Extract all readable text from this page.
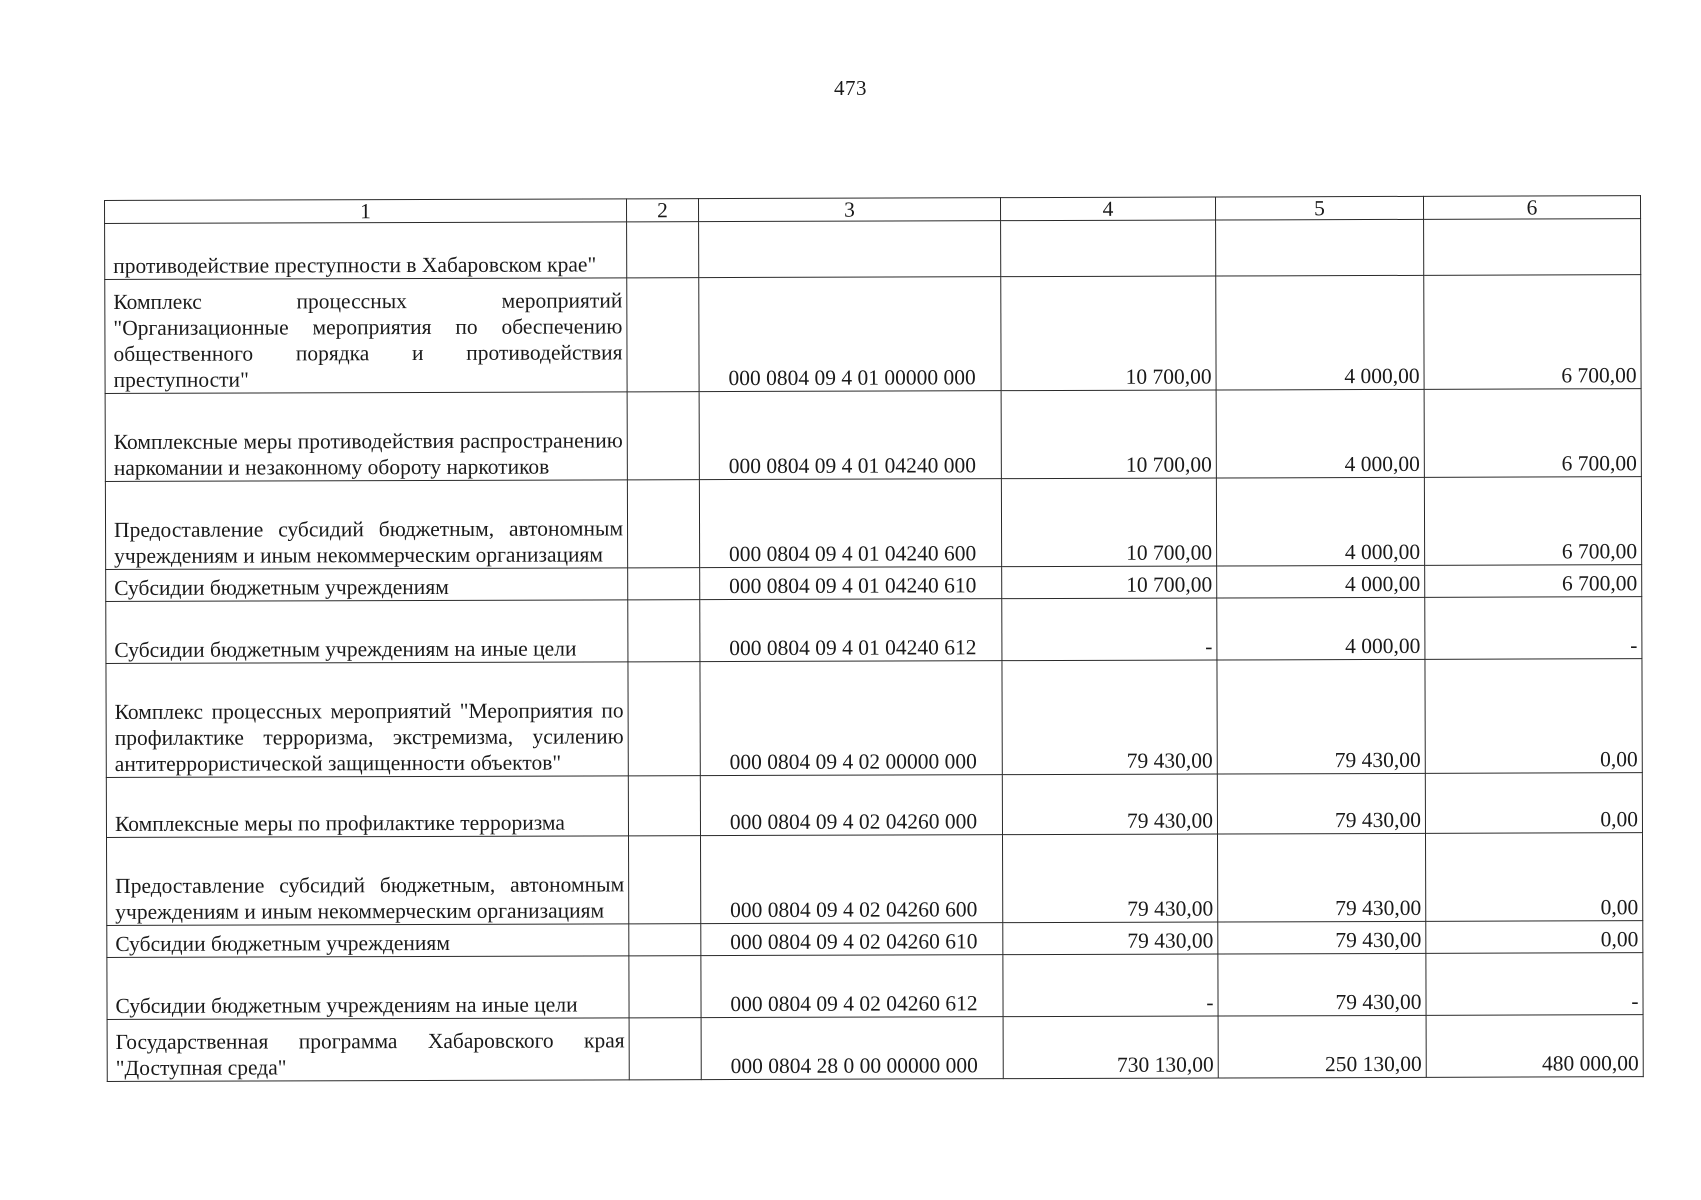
473
1	2	3	4	5	6
противодействие преступности в Хабаровском крае"					
Комплекс процессных мероприятий "Организационные мероприятия по обеспечению общественного порядка и противодействия преступности"		000 0804 09 4 01 00000 000	10 700,00	4 000,00	6 700,00
Комплексные меры противодействия распространению наркомании и незаконному обороту наркотиков		000 0804 09 4 01 04240 000	10 700,00	4 000,00	6 700,00
Предоставление субсидий бюджетным, автономным учреждениям и иным некоммерческим организациям		000 0804 09 4 01 04240 600	10 700,00	4 000,00	6 700,00
Субсидии бюджетным учреждениям		000 0804 09 4 01 04240 610	10 700,00	4 000,00	6 700,00
Субсидии бюджетным учреждениям на иные цели		000 0804 09 4 01 04240 612	-	4 000,00	-
Комплекс процессных мероприятий "Мероприятия по профилактике терроризма, экстремизма, усилению антитеррористической защищенности объектов"		000 0804 09 4 02 00000 000	79 430,00	79 430,00	0,00
Комплексные меры по профилактике терроризма		000 0804 09 4 02 04260 000	79 430,00	79 430,00	0,00
Предоставление субсидий бюджетным, автономным учреждениям и иным некоммерческим организациям		000 0804 09 4 02 04260 600	79 430,00	79 430,00	0,00
Субсидии бюджетным учреждениям		000 0804 09 4 02 04260 610	79 430,00	79 430,00	0,00
Субсидии бюджетным учреждениям на иные цели		000 0804 09 4 02 04260 612	-	79 430,00	-
Государственная программа Хабаровского края "Доступная среда"		000 0804 28 0 00 00000 000	730 130,00	250 130,00	480 000,00
